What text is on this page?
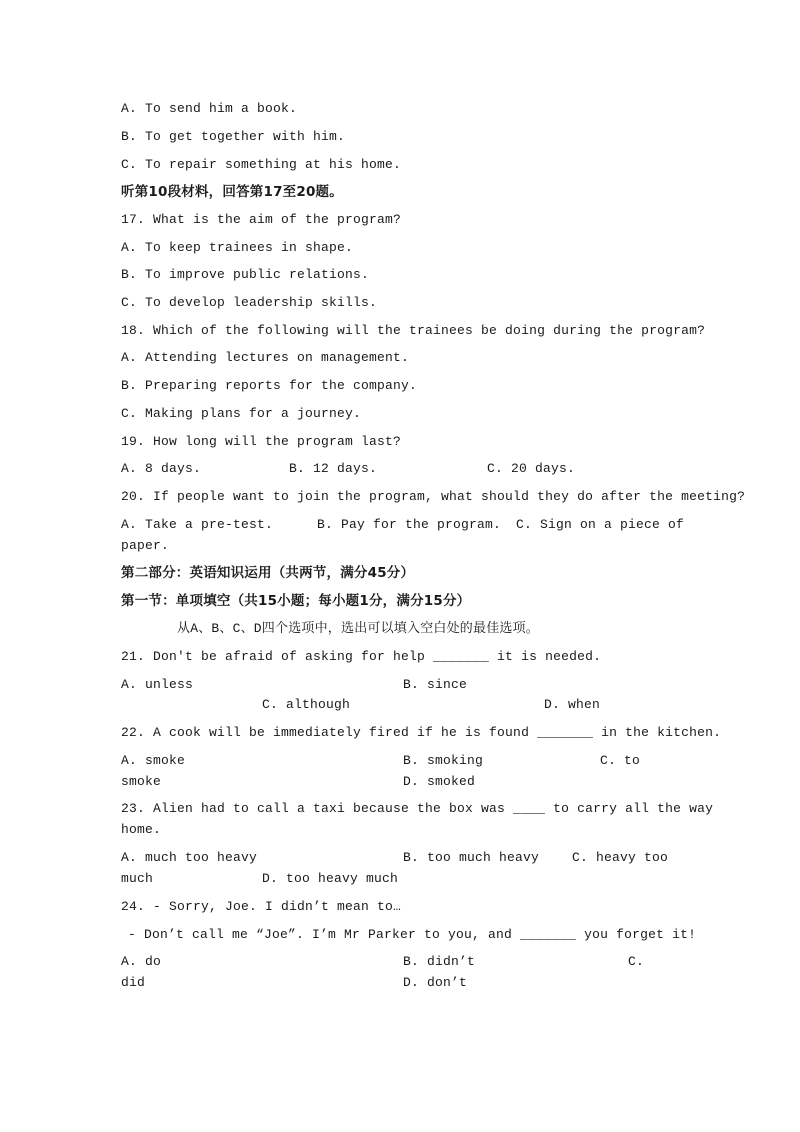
A. To send him a book.
B. To get together with him.
C. To repair something at his home.
听第10段材料，回答第17至20题。
17. What is the aim of the program?
A. To keep trainees in shape.
B. To improve public relations.
C. To develop leadership skills.
18. Which of the following will the trainees be doing during the program?
A. Attending lectures on management.
B. Preparing reports for the company.
C. Making plans for a journey.
19. How long will the program last?
A. 8 days.	B. 12 days.	C. 20 days.
20. If people want to join the program, what should they do after the meeting?
A. Take a pre-test.	B. Pay for the program. C. Sign on a piece of
paper.
第二部分：英语知识运用（共两节，满分45分）
第一节：单项填空（共15小题；每小题1分，满分15分）
从A、B、C、D四个选项中，选出可以填入空白处的最佳选项。
21. Don't be afraid of asking for help _______ it is needed.
A. unless	B. since
C. although	D. when
22. A cook will be immediately fired if he is found _______ in the kitchen.
A. smoke	B. smoking	C. to
smoke	D. smoked
23. Alien had to call a taxi because the box was ____ to carry all the way
home.
A. much too heavy	B. too much heavy	C. heavy too
much	D. too heavy much
24. - Sorry, Joe. I didn’t mean to…
- Don’t call me “Joe”. I’m Mr Parker to you, and _______ you forget it!
A. do	B. didn’t	C.
did	D. don’t
